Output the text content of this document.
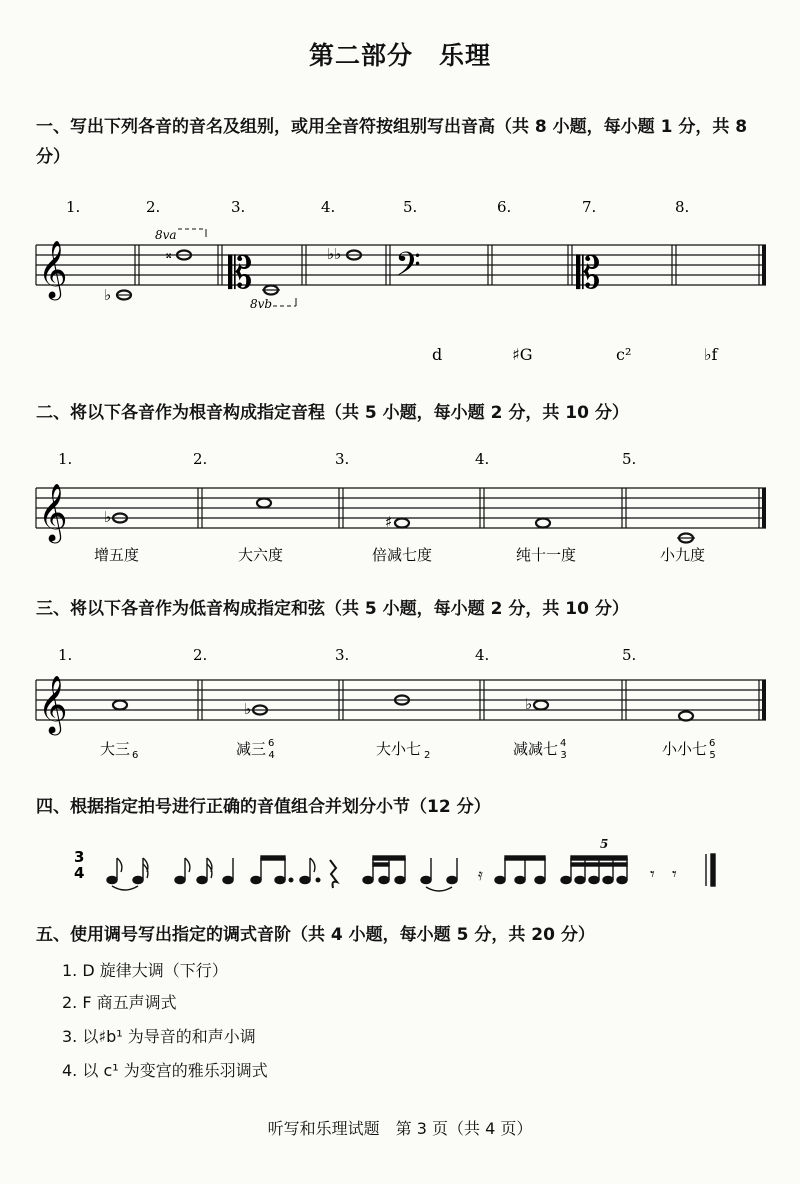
第二部分　乐理
一、写出下列各音的音名及组别，或用全音符按组别写出音高（共 8 小题，每小题 1 分，共 8
分）
1.	2.	3.	4.	5.	6.	7.	8.
𝄞	𝄡	𝄢	𝄡
♭
8va
𝄪
8vb
♭♭
d	♯G	c²	♭f
二、将以下各音作为根音构成指定音程（共 5 小题，每小题 2 分，共 10 分）
1.	2.	3.	4.	5.
𝄞 ♭	♯
增五度	大六度	倍减七度	纯十一度	小九度
三、将以下各音作为低音构成指定和弦（共 5 小题，每小题 2 分，共 10 分）
1.	2.	3.	4.	5.
𝄞	♭	♭
大三 $_6$	减三 $^6$ 4	大小七 $_2$	减减七 $^4$ 3	小小七 $^6$ 5
四、根据指定拍号进行正确的音值组合并划分小节（12 分）
3
4	𝄿
5
𝄾 𝄾
五、使用调号写出指定的调式音阶（共 4 小题，每小题 5 分，共 20 分）
1. D 旋律大调（下行）
2. F 商五声调式
3. 以♯b¹ 为导音的和声小调
4. 以 c¹ 为变宫的雅乐羽调式
听写和乐理试题　第 3 页（共 4 页）
